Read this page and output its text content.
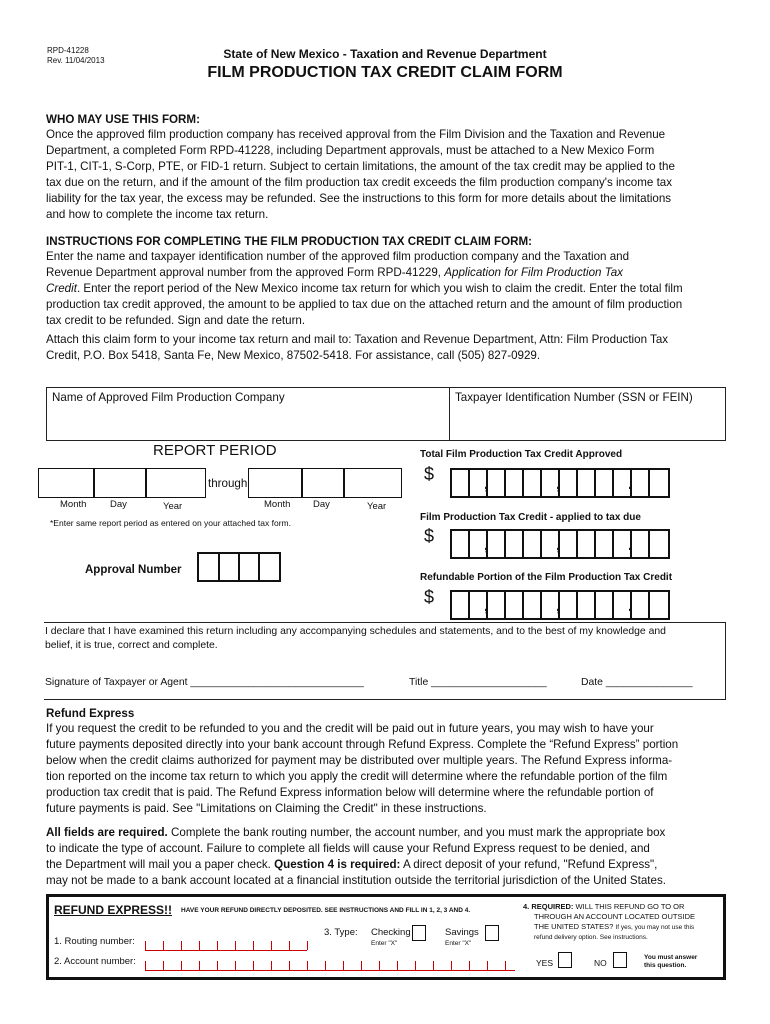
RPD-41228
Rev. 11/04/2013	State of New Mexico - Taxation and Revenue Department
FILM PRODUCTION TAX CREDIT CLAIM FORM
WHO MAY USE THIS FORM:
Once the approved film production company has received approval from the Film Division and the Taxation and Revenue
Department, a completed Form RPD-41228, including Department approvals, must be attached to a New Mexico Form
PIT-1, CIT-1, S-Corp, PTE, or FID-1 return. Subject to certain limitations, the amount of the tax credit may be applied to the
tax due on the return, and if the amount of the film production tax credit exceeds the film production company's income tax
liability for the tax year, the excess may be refunded. See the instructions to this form for more details about the limitations
and how to complete the income tax return.
INSTRUCTIONS FOR COMPLETING THE FILM PRODUCTION TAX CREDIT CLAIM FORM:
Enter the name and taxpayer identification number of the approved film production company and the Taxation and
Revenue Department approval number from the approved Form RPD-41229, Application for Film Production Tax
Credit. Enter the report period of the New Mexico income tax return for which you wish to claim the credit. Enter the total film
production tax credit approved, the amount to be applied to tax due on the attached return and the amount of film production
tax credit to be refunded. Sign and date the return.
Attach this claim form to your income tax return and mail to: Taxation and Revenue Department, Attn: Film Production Tax
Credit, P.O. Box 5418, Santa Fe, New Mexico, 87502-5418. For assistance, call (505) 827-0929.
Name of Approved Film Production Company	Taxpayer Identification Number (SSN or FEIN)
REPORT PERIOD
through
Month Day	Year	Month Day	Year
*Enter same report period as entered on your attached tax form.
Approval Number
Total Film Production Tax Credit Approved
$
,	,	.
Film Production Tax Credit - applied to tax due
$	,	,	.
Refundable Portion of the Film Production Tax Credit
$	,	,	.
I declare that I have examined this return including any accompanying schedules and statements, and to the best of my knowledge and
belief, it is true, correct and complete.
Signature of Taxpayer or Agent ______________________________	Title ____________________	Date _______________
Refund Express
If you request the credit to be refunded to you and the credit will be paid out in future years, you may wish to have your
future payments deposited directly into your bank account through Refund Express. Complete the “Refund Express” portion
below when the credit claims authorized for payment may be distributed over multiple years. The Refund Express informa-
tion reported on the income tax return to which you apply the credit will determine where the refundable portion of the film
production tax credit that is paid. The Refund Express information below will determine where the refundable portion of
future payments is paid. See "Limitations on Claiming the Credit" in these instructions.
All fields are required. Complete the bank routing number, the account number, and you must mark the appropriate box
to indicate the type of account. Failure to complete all fields will cause your Refund Express request to be denied, and
the Department will mail you a paper check. Question 4 is required: A direct deposit of your refund, "Refund Express",
may not be made to a bank account located at a financial institution outside the territorial jurisdiction of the United States.
REFUND EXPRESS!! HAVE YOUR REFUND DIRECTLY DEPOSITED. SEE INSTRUCTIONS AND FILL IN 1, 2, 3 AND 4.
1. Routing number:
2. Account number:
3. Type: Checking
Enter "X"
Savings
Enter "X"
4. REQUIRED: WILL THIS REFUND GO TO OR
THROUGH AN ACCOUNT LOCATED OUTSIDE
THE UNITED STATES? If yes, you may not use this
refund delivery option. See instructions.
YES	NO
You must answer
this question.
